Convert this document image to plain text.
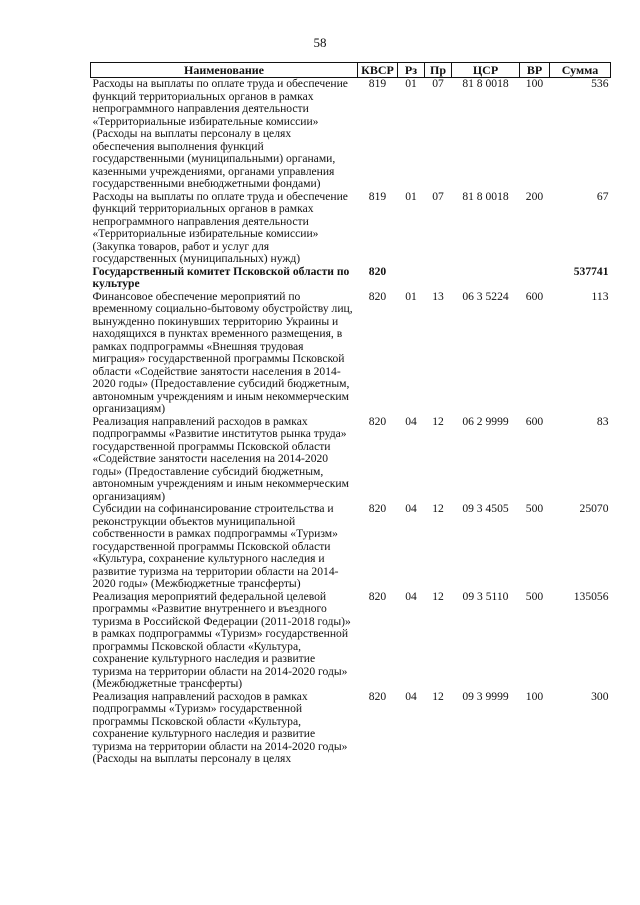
58
Наименование	КВСР	Рз	Пр	ЦСР	ВР	Сумма
Расходы на выплаты по оплате труда и обеспечение функций территориальных органов в рамках непрограммного направления деятельности «Территориальные избирательные комиссии» (Расходы на выплаты персоналу в целях обеспечения выполнения функций государственными (муниципальными) органами, казенными учреждениями, органами управления государственными внебюджетными фондами)	819	01	07	81 8 0018	100	536
Расходы на выплаты по оплате труда и обеспечение функций территориальных органов в рамках непрограммного направления деятельности «Территориальные избирательные комиссии» (Закупка товаров, работ и услуг для государственных (муниципальных) нужд)	819	01	07	81 8 0018	200	67
Государственный комитет Псковской области по культуре	820					537741
Финансовое обеспечение мероприятий по временному социально-бытовому обустройству лиц, вынужденно покинувших территорию Украины и находящихся в пунктах временного размещения, в рамках подпрограммы «Внешняя трудовая миграция» государственной программы Псковской области «Содействие занятости населения в 2014-2020 годы» (Предоставление субсидий бюджетным, автономным учреждениям и иным некоммерческим организациям)	820	01	13	06 3 5224	600	113
Реализация направлений расходов в рамках подпрограммы «Развитие институтов рынка труда» государственной программы Псковской области «Содействие занятости населения на 2014-2020 годы» (Предоставление субсидий бюджетным, автономным учреждениям и иным некоммерческим организациям)	820	04	12	06 2 9999	600	83
Субсидии на софинансирование строительства и реконструкции объектов муниципальной собственности в рамках подпрограммы «Туризм» государственной программы Псковской области «Культура, сохранение культурного наследия и развитие туризма на территории области на 2014-2020 годы» (Межбюджетные трансферты)	820	04	12	09 3 4505	500	25070
Реализация мероприятий федеральной целевой программы «Развитие внутреннего и въездного туризма в Российской Федерации (2011-2018 годы)» в рамках подпрограммы «Туризм» государственной программы Псковской области «Культура, сохранение культурного наследия и развитие туризма на территории области на 2014-2020 годы» (Межбюджетные трансферты)	820	04	12	09 3 5110	500	135056
Реализация направлений расходов в рамках подпрограммы «Туризм» государственной программы Псковской области «Культура, сохранение культурного наследия и развитие туризма на территории области на 2014-2020 годы» (Расходы на выплаты персоналу в целях	820	04	12	09 3 9999	100	300
